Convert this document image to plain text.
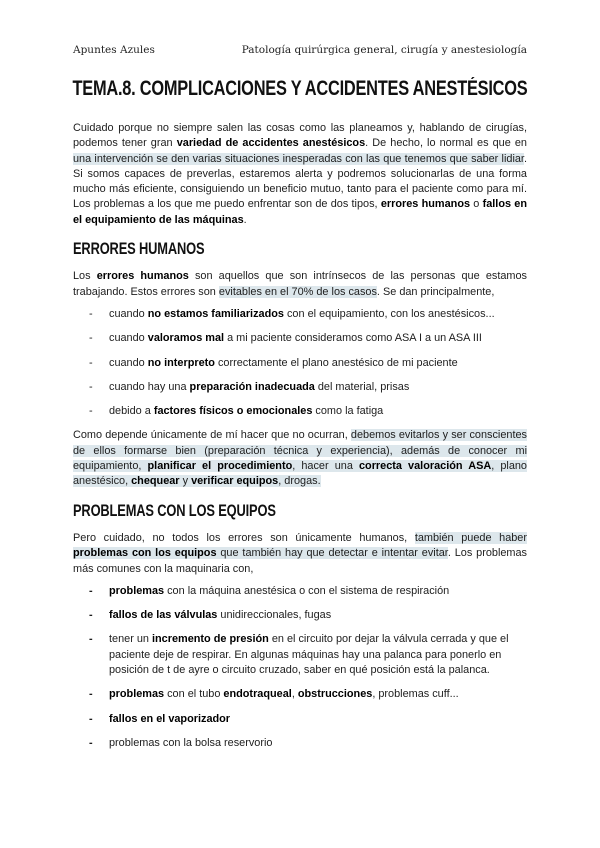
Apuntes Azules	Patología quirúrgica general, cirugía y anestesiología
TEMA.8. COMPLICACIONES Y ACCIDENTES ANESTÉSICOS

Cuidado porque no siempre salen las cosas como las planeamos y, hablando de cirugías, podemos tener gran variedad de accidentes anestésicos. De hecho, lo normal es que en una intervención se den varias situaciones inesperadas con las que tenemos que saber lidiar. Si somos capaces de preverlas, estaremos alerta y podremos solucionarlas de una forma mucho más eficiente, consiguiendo un beneficio mutuo, tanto para el paciente como para mí. Los problemas a los que me puedo enfrentar son de dos tipos, errores humanos o fallos en el equipamiento de las máquinas.

ERRORES HUMANOS

Los errores humanos son aquellos que son intrínsecos de las personas que estamos trabajando. Estos errores son evitables en el 70% de los casos. Se dan principalmente,

- cuando no estamos familiarizados con el equipamiento, con los anestésicos...
- cuando valoramos mal a mi paciente consideramos como ASA I a un ASA III
- cuando no interpreto correctamente el plano anestésico de mi paciente
- cuando hay una preparación inadecuada del material, prisas
- debido a factores físicos o emocionales como la fatiga

Como depende únicamente de mí hacer que no ocurran, debemos evitarlos y ser conscientes de ellos formarse bien (preparación técnica y experiencia), además de conocer mi equipamiento, planificar el procedimiento, hacer una correcta valoración ASA, plano anestésico, chequear y verificar equipos, drogas.

PROBLEMAS CON LOS EQUIPOS

Pero cuidado, no todos los errores son únicamente humanos, también puede haber problemas con los equipos que también hay que detectar e intentar evitar. Los problemas más comunes con la maquinaria con,

- problemas con la máquina anestésica o con el sistema de respiración
- fallos de las válvulas unidireccionales, fugas
- tener un incremento de presión en el circuito por dejar la válvula cerrada y que el paciente deje de respirar. En algunas máquinas hay una palanca para ponerlo en posición de t de ayre o circuito cruzado, saber en qué posición está la palanca.
- problemas con el tubo endotraqueal, obstrucciones, problemas cuff...
- fallos en el vaporizador
- problemas con la bolsa reservorio
